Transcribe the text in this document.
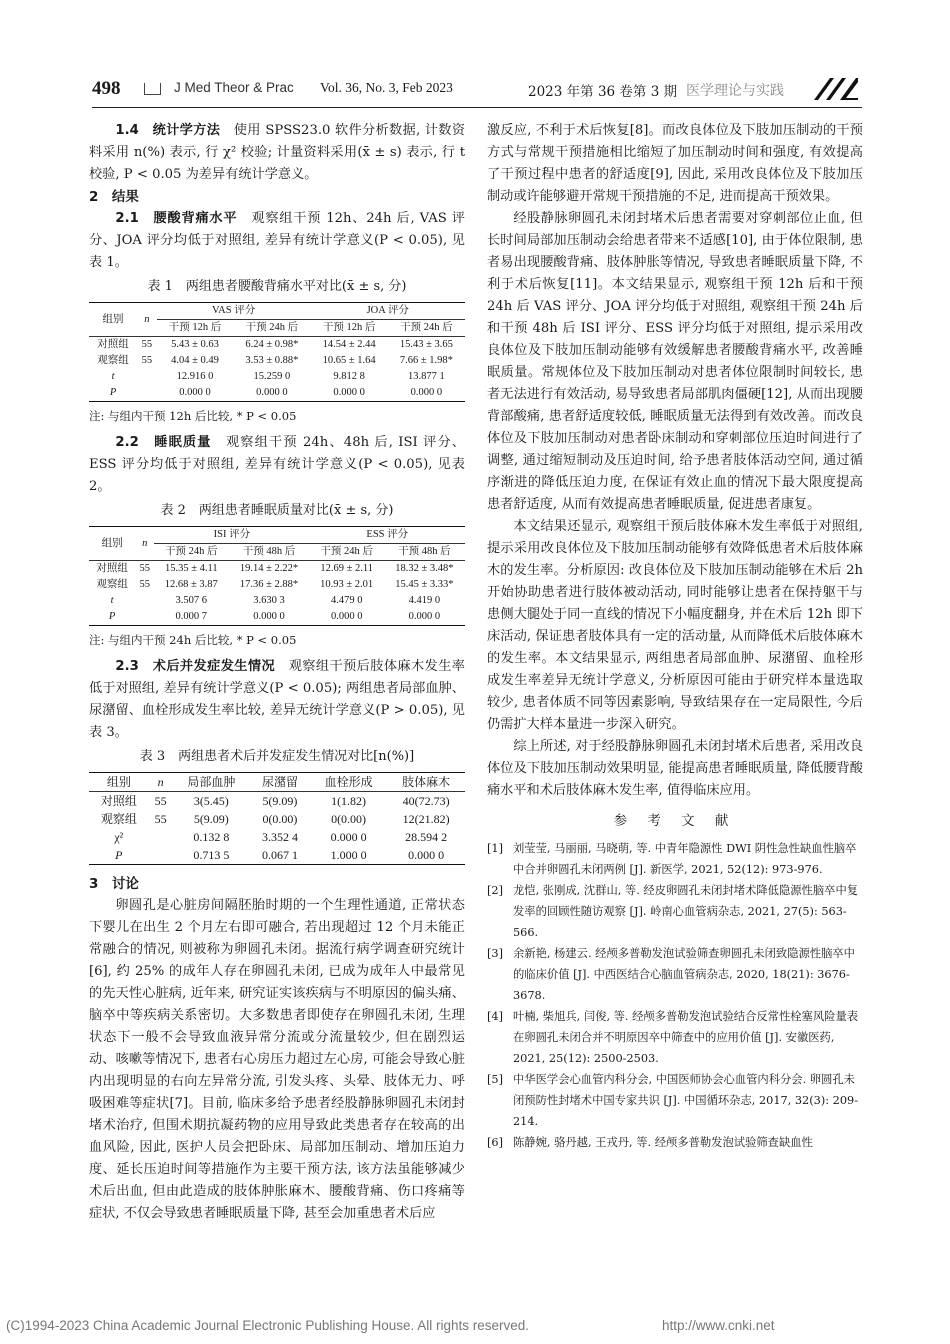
498	J Med Theor & Prac Vol. 36, No. 3, Feb 2023	2023 年第 36 卷第 3 期 医学理论与实践

1.4　统计学方法　 使用 SPSS23.0 软件分析数据, 计数资料采用 n(%) 表示, 行 χ² 校验; 计量资料采用(x̄ ± s) 表示, 行 t 校验, P < 0.05 为差异有统计学意义。

2　结果

2.1　腰酸背痛水平　 观察组干预 12h、24h 后, VAS 评分、JOA 评分均低于对照组, 差异有统计学意义(P < 0.05), 见表 1。

表 1　两组患者腰酸背痛水平对比(x̄ ± s, 分)
组别	n	VAS 评分		JOA 评分	
		干预 12h 后	干预 24h 后	干预 12h 后	干预 24h 后
对照组	55	5.43 ± 0.63	6.24 ± 0.98*	14.54 ± 2.44	15.43 ± 3.65
观察组	55	4.04 ± 0.49	3.53 ± 0.88*	10.65 ± 1.64	7.66 ± 1.98*
t		12.916 0	15.259 0	9.812 8	13.877 1
P		0.000 0	0.000 0	0.000 0	0.000 0
注: 与组内干预 12h 后比较, * P < 0.05

2.2　睡眠质量　 观察组干预 24h、48h 后, ISI 评分、ESS 评分均低于对照组, 差异有统计学意义(P < 0.05), 见表 2。

表 2　两组患者睡眠质量对比(x̄ ± s, 分)
组别	n	ISI 评分		ESS 评分	
		干预 24h 后	干预 48h 后	干预 24h 后	干预 48h 后
对照组	55	15.35 ± 4.11	19.14 ± 2.22*	12.69 ± 2.11	18.32 ± 3.48*
观察组	55	12.68 ± 3.87	17.36 ± 2.88*	10.93 ± 2.01	15.45 ± 3.33*
t		3.507 6	3.630 3	4.479 0	4.419 0
P		0.000 7	0.000 0	0.000 0	0.000 0
注: 与组内干预 24h 后比较, * P < 0.05

2.3　术后并发症发生情况　 观察组干预后肢体麻木发生率低于对照组, 差异有统计学意义(P < 0.05); 两组患者局部血肿、尿潴留、血栓形成发生率比较, 差异无统计学意义(P > 0.05), 见表 3。

表 3　两组患者术后并发症发生情况对比[n(%)]
组别	n	局部血肿	尿潴留	血栓形成	肢体麻木
对照组	55	3(5.45)	5(9.09)	1(1.82)	40(72.73)
观察组	55	5(9.09)	0(0.00)	0(0.00)	12(21.82)
χ²		0.132 8	3.352 4	0.000 0	28.594 2
P		0.713 5	0.067 1	1.000 0	0.000 0

3　讨论

卵圆孔是心脏房间隔胚胎时期的一个生理性通道, 正常状态下婴儿在出生 2 个月左右即可融合, 若出现超过 12 个月未能正常融合的情况, 则被称为卵圆孔未闭。据流行病学调查研究统计[6], 约 25% 的成年人存在卵圆孔未闭, 已成为成年人中最常见的先天性心脏病, 近年来, 研究证实该疾病与不明原因的偏头痛、脑卒中等疾病关系密切。大多数患者即使存在卵圆孔未闭, 生理状态下一般不会导致血液异常分流或分流量较少, 但在剧烈运动、咳嗽等情况下, 患者右心房压力超过左心房, 可能会导致心脏内出现明显的右向左异常分流, 引发头疼、头晕、肢体无力、呼吸困难等症状[7]。目前, 临床多给予患者经股静脉卵圆孔未闭封堵术治疗, 但围术期抗凝药物的应用导致此类患者存在较高的出血风险, 因此, 医护人员会把卧床、局部加压制动、增加压迫力度、延长压迫时间等措施作为主要干预方法, 该方法虽能够减少术后出血, 但由此造成的肢体肿胀麻木、腰酸背痛、伤口疼痛等症状, 不仅会导致患者睡眠质量下降, 甚至会加重患者术后应

激反应, 不利于术后恢复[8]。而改良体位及下肢加压制动的干预方式与常规干预措施相比缩短了加压制动时间和强度, 有效提高了干预过程中患者的舒适度[9], 因此, 采用改良体位及下肢加压制动或许能够避开常规干预措施的不足, 进而提高干预效果。

经股静脉卵圆孔未闭封堵术后患者需要对穿刺部位止血, 但长时间局部加压制动会给患者带来不适感[10], 由于体位限制, 患者易出现腰酸背痛、肢体肿胀等情况, 导致患者睡眠质量下降, 不利于术后恢复[11]。本文结果显示, 观察组干预 12h 后和干预 24h 后 VAS 评分、JOA 评分均低于对照组, 观察组干预 24h 后和干预 48h 后 ISI 评分、ESS 评分均低于对照组, 提示采用改良体位及下肢加压制动能够有效缓解患者腰酸背痛水平, 改善睡眠质量。常规体位及下肢加压制动对患者体位限制时间较长, 患者无法进行有效活动, 易导致患者局部肌肉僵硬[12], 从而出现腰背部酸痛, 患者舒适度较低, 睡眠质量无法得到有效改善。而改良体位及下肢加压制动对患者卧床制动和穿刺部位压迫时间进行了调整, 通过缩短制动及压迫时间, 给予患者肢体活动空间, 通过循序渐进的降低压迫力度, 在保证有效止血的情况下最大限度提高患者舒适度, 从而有效提高患者睡眠质量, 促进患者康复。

本文结果还显示, 观察组干预后肢体麻木发生率低于对照组, 提示采用改良体位及下肢加压制动能够有效降低患者术后肢体麻木的发生率。分析原因: 改良体位及下肢加压制动能够在术后 2h 开始协助患者进行肢体被动活动, 同时能够让患者在保持躯干与患侧大腿处于同一直线的情况下小幅度翻身, 并在术后 12h 即下床活动, 保证患者肢体具有一定的活动量, 从而降低术后肢体麻木的发生率。本文结果显示, 两组患者局部血肿、尿潴留、血栓形成发生率差异无统计学意义, 分析原因可能由于研究样本量选取较少, 患者体质不同等因素影响, 导致结果存在一定局限性, 今后仍需扩大样本量进一步深入研究。

综上所述, 对于经股静脉卵圆孔未闭封堵术后患者, 采用改良体位及下肢加压制动效果明显, 能提高患者睡眠质量, 降低腰背酸痛水平和术后肢体麻木发生率, 值得临床应用。

参 考 文 献
[1] 刘莹莹, 马丽丽, 马晓萌, 等. 中青年隐源性 DWI 阴性急性缺血性脑卒中合并卵圆孔未闭两例 [J]. 新医学, 2021, 52(12): 973-976.
[2] 龙恺, 张刚成, 沈群山, 等. 经皮卵圆孔未闭封堵术降低隐源性脑卒中复发率的回顾性随访观察 [J]. 岭南心血管病杂志, 2021, 27(5): 563-566.
[3] 余新艳, 杨建云. 经颅多普勒发泡试验筛查卵圆孔未闭致隐源性脑卒中的临床价值 [J]. 中西医结合心脑血管病杂志, 2020, 18(21): 3676-3678.
[4] 叶楠, 柴旭兵, 闫俊, 等. 经颅多普勒发泡试验结合反常性栓塞风险量表在卵圆孔未闭合并不明原因卒中筛查中的应用价值 [J]. 安徽医药, 2021, 25(12): 2500-2503.
[5] 中华医学会心血管内科分会, 中国医师协会心血管内科分会. 卵圆孔未闭预防性封堵术中国专家共识 [J]. 中国循环杂志, 2017, 32(3): 209-214.
[6] 陈静婉, 骆丹越, 王戎丹, 等. 经颅多普勒发泡试验筛查缺血性
(C)1994-2023 China Academic Journal Electronic Publishing House. All rights reserved.	http://www.cnki.net
